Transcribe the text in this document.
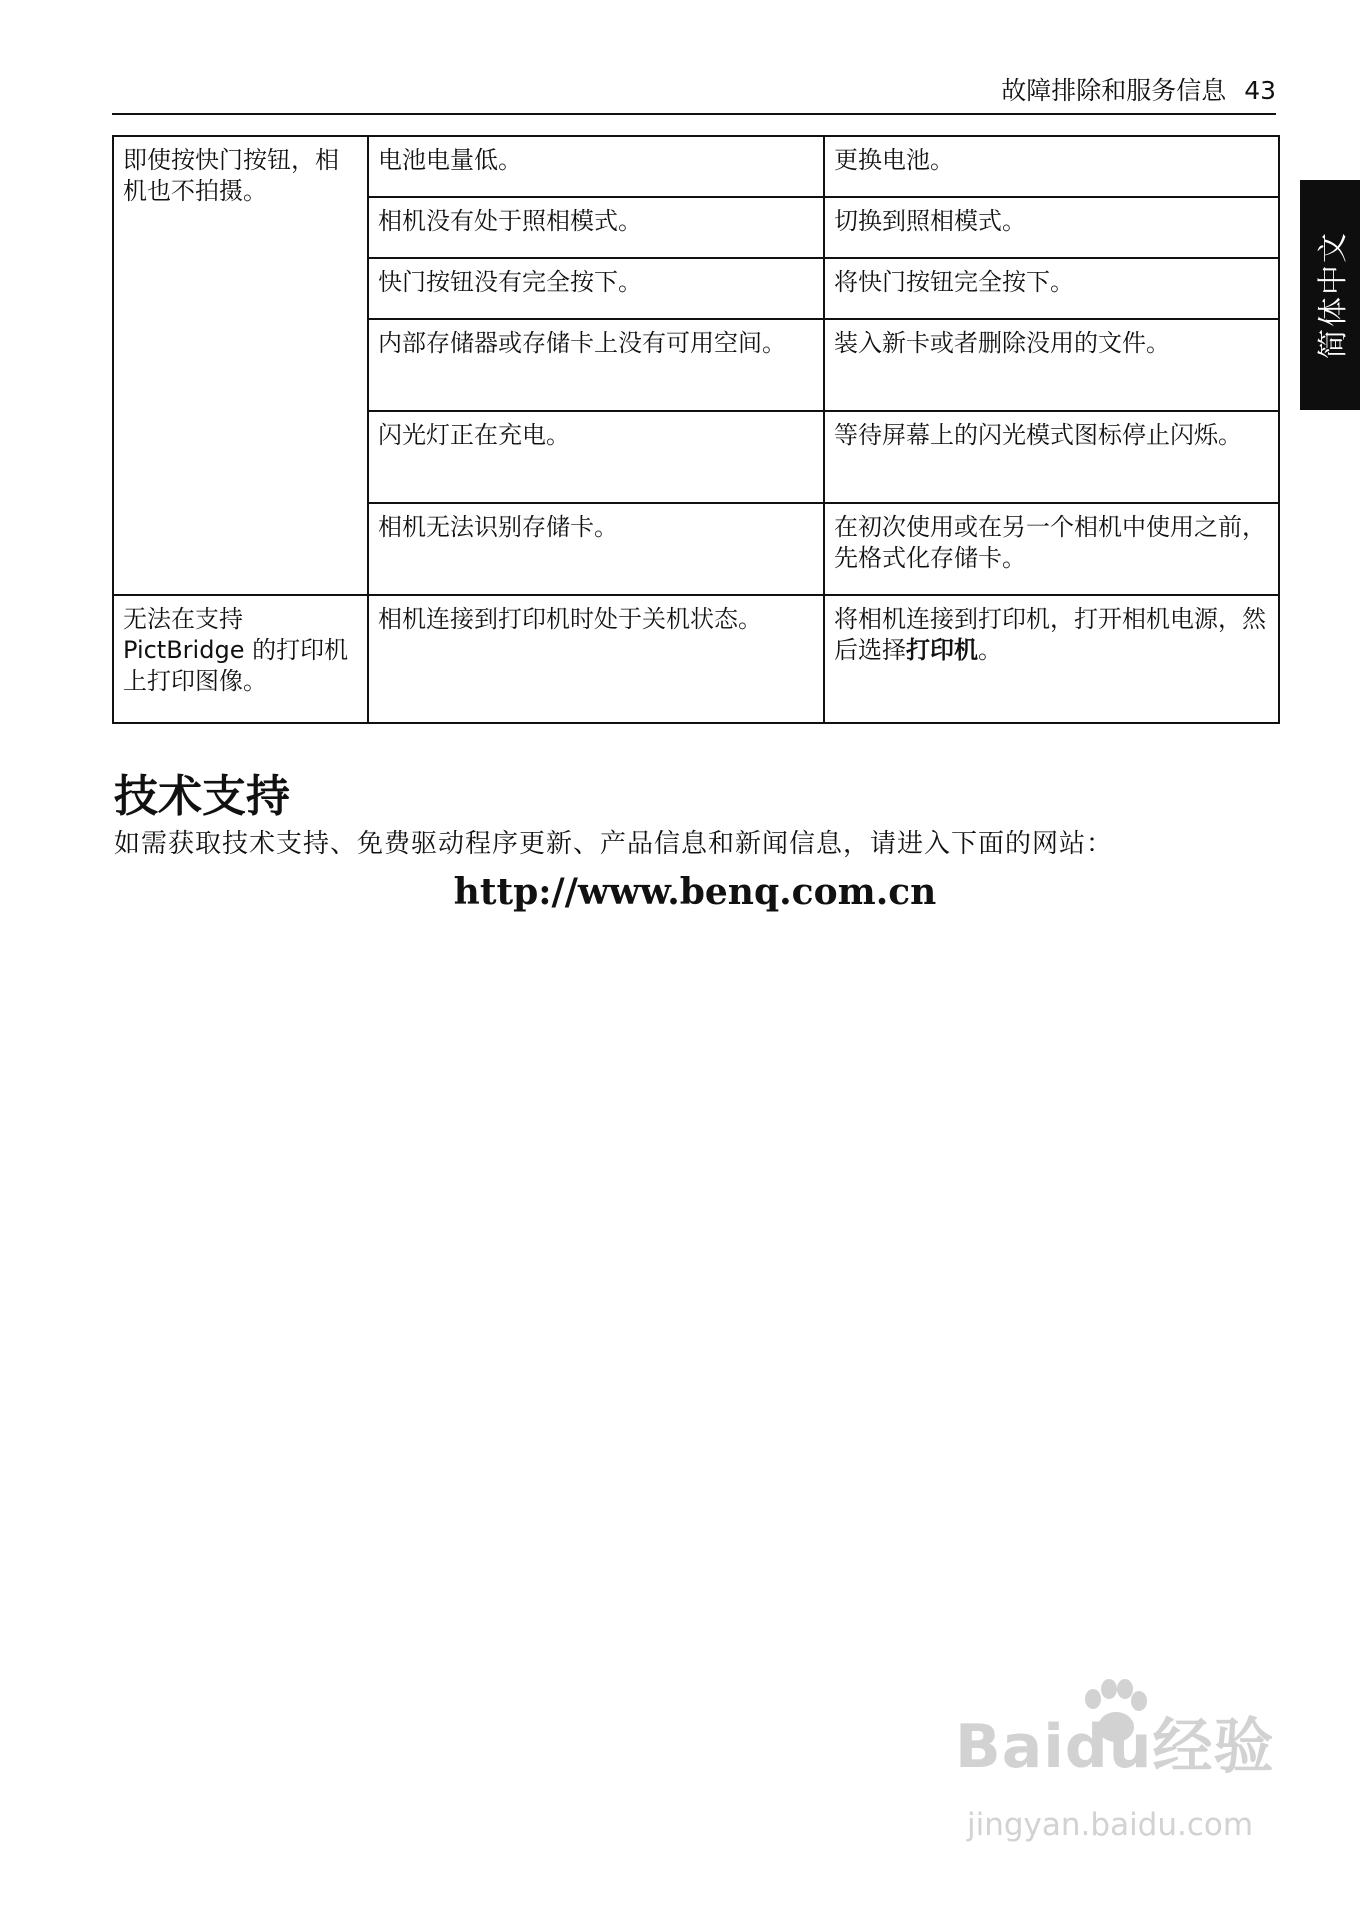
故障排除和服务信息 43
简体中文
即使按快门按钮，相机也不拍摄。	电池电量低。	更换电池。
	相机没有处于照相模式。	切换到照相模式。
	快门按钮没有完全按下。	将快门按钮完全按下。
	内部存储器或存储卡上没有可用空间。	装入新卡或者删除没用的文件。
	闪光灯正在充电。	等待屏幕上的闪光模式图标停止闪烁。
	相机无法识别存储卡。	在初次使用或在另一个相机中使用之前，先格式化存储卡。
无法在支持 PictBridge 的打印机上打印图像。	相机连接到打印机时处于关机状态。	将相机连接到打印机，打开相机电源，然后选择打印机。
技术支持
如需获取技术支持、免费驱动程序更新、产品信息和新闻信息，请进入下面的网站：
http://www.benq.com.cn
Baidu经验
jingyan.baidu.com
